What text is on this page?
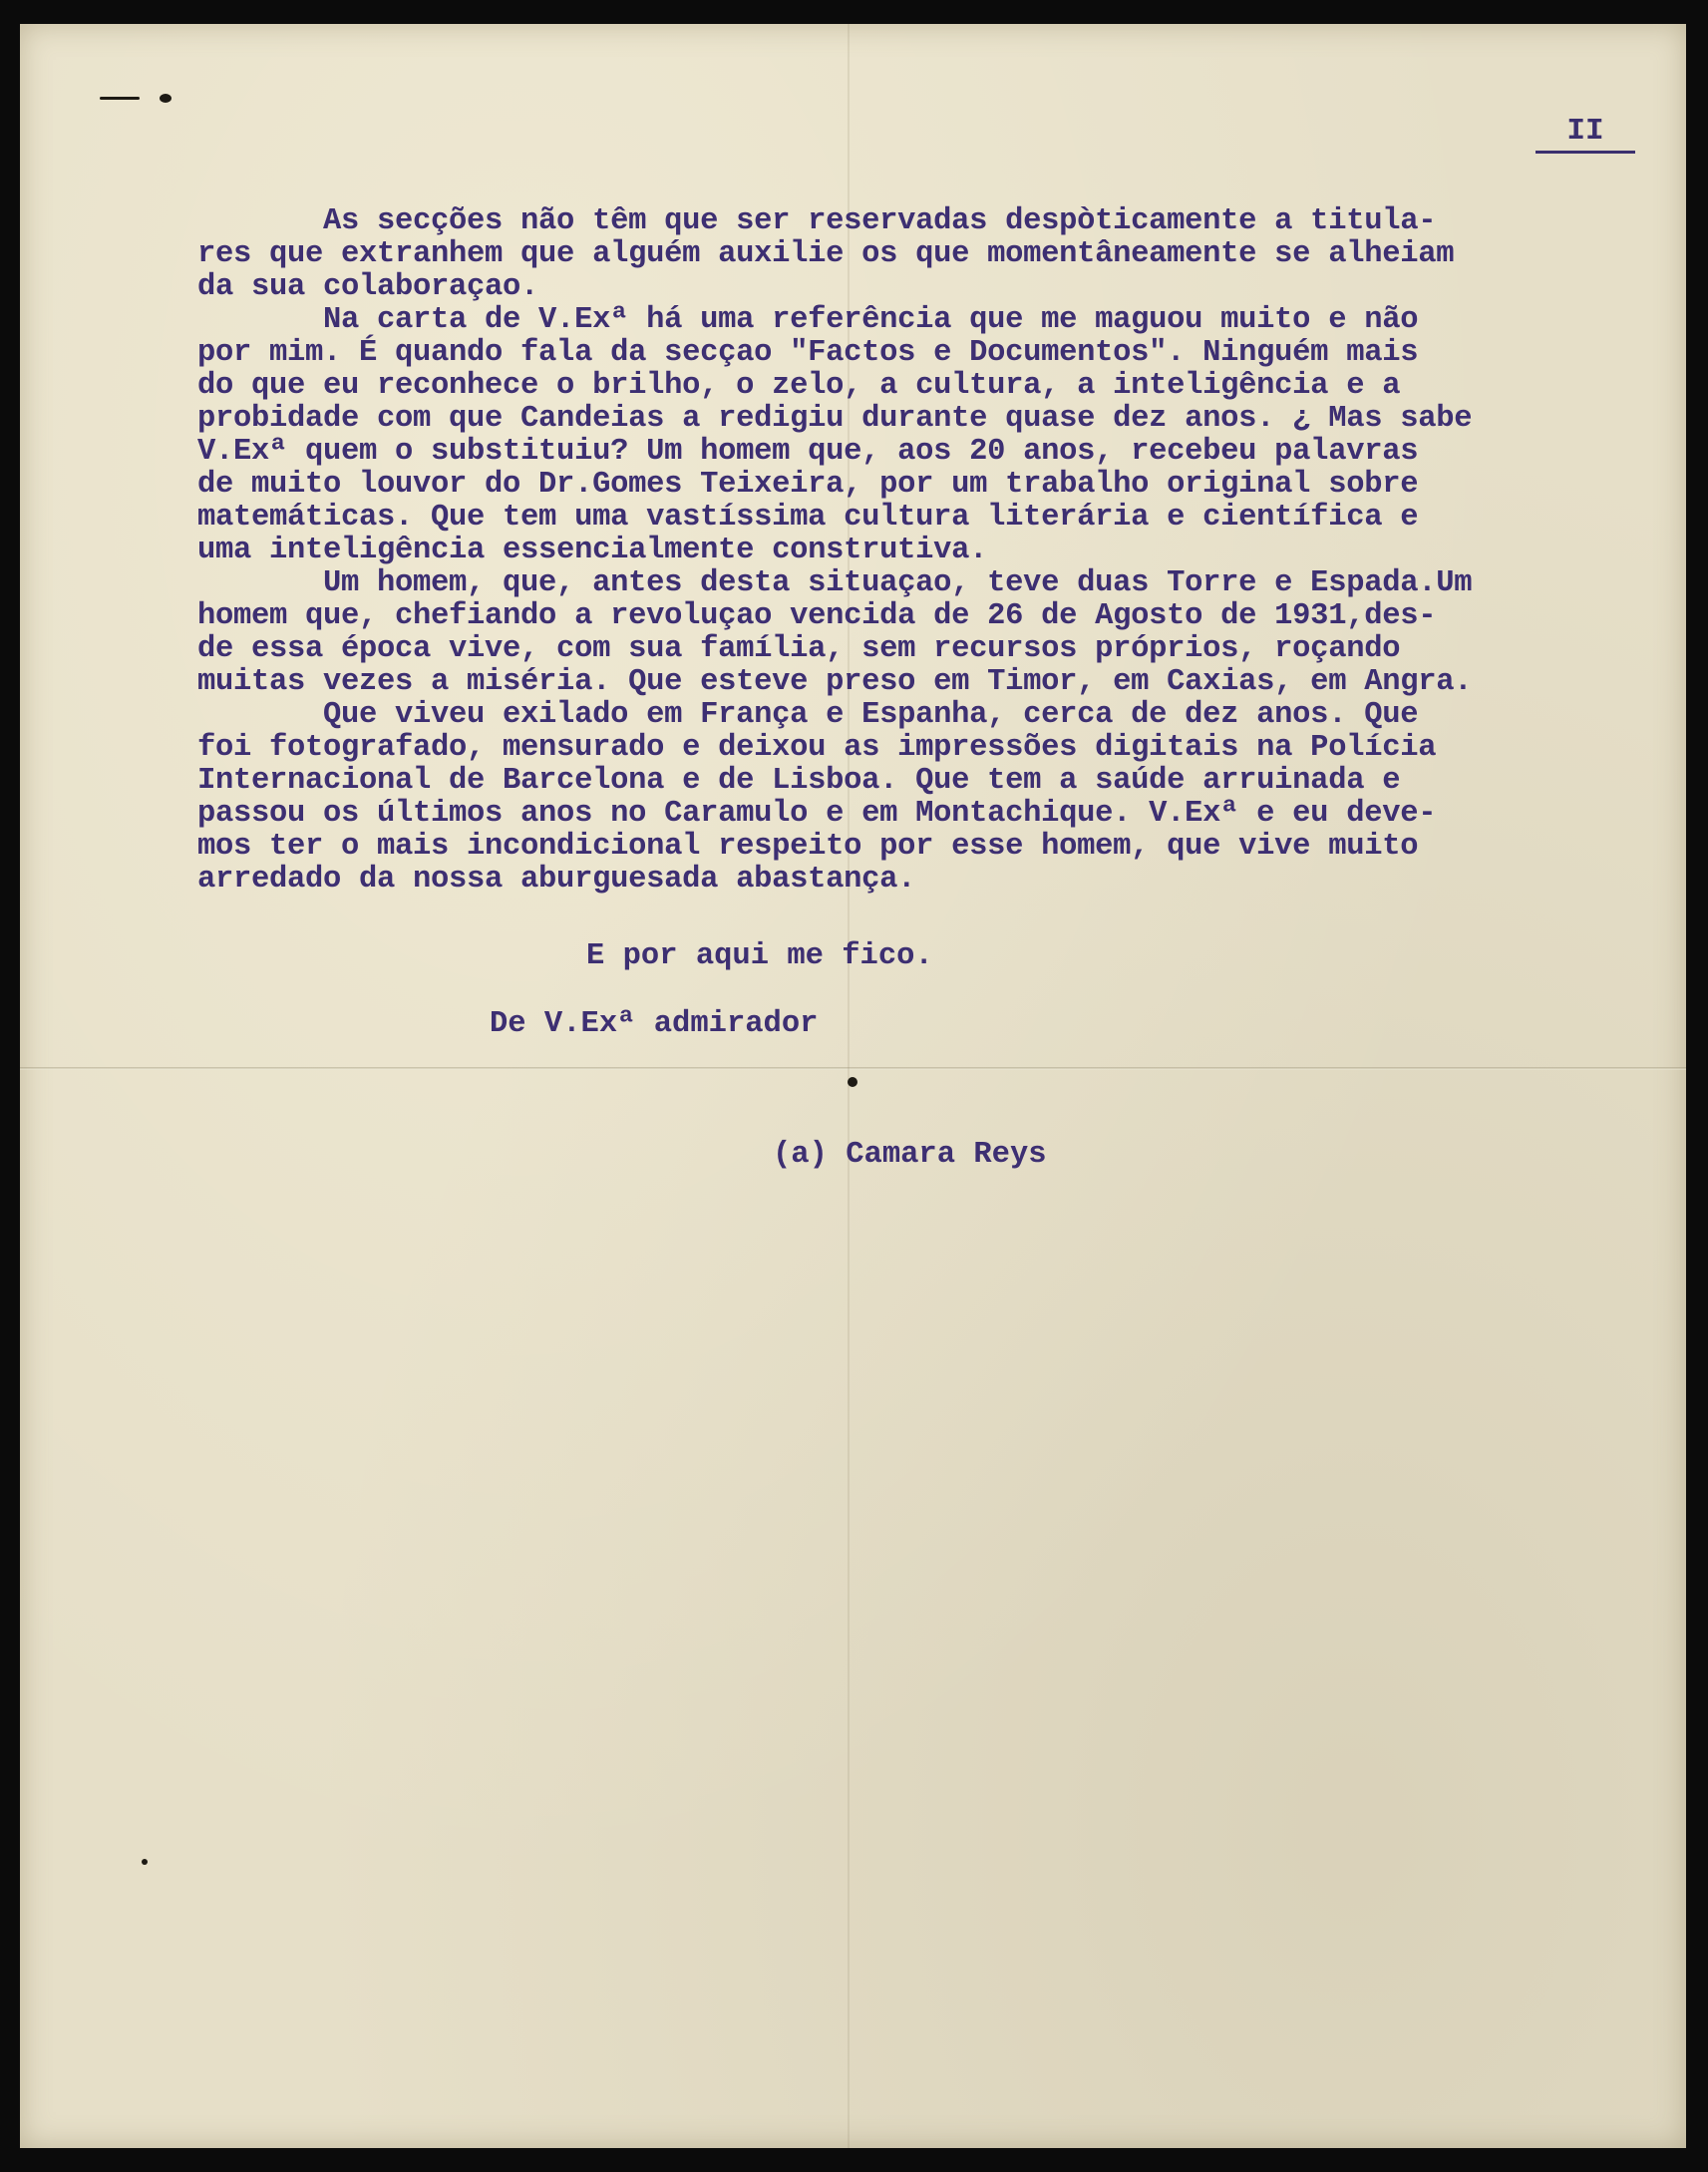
II
As secções não têm que ser reservadas despòticamente a titula-
res que extranhem que alguém auxilie os que momentâneamente se alheiam
da sua colaboraçao.
Na carta de V.Exª há uma referência que me maguou muito e não
por mim. É quando fala da secçao "Factos e Documentos". Ninguém mais
do que eu reconhece o brilho, o zelo, a cultura, a inteligência e a
probidade com que Candeias a redigiu durante quase dez anos. ¿ Mas sabe
V.Exª quem o substituiu? Um homem que, aos 20 anos, recebeu palavras
de muito louvor do Dr.Gomes Teixeira, por um trabalho original sobre
matemáticas. Que tem uma vastíssima cultura literária e científica e
uma inteligência essencialmente construtiva.
Um homem, que, antes desta situaçao, teve duas Torre e Espada.Um
homem que, chefiando a revoluçao vencida de 26 de Agosto de 1931,des-
de essa época vive, com sua família, sem recursos próprios, roçando
muitas vezes a miséria. Que esteve preso em Timor, em Caxias, em Angra.
Que viveu exilado em França e Espanha, cerca de dez anos. Que
foi fotografado, mensurado e deixou as impressões digitais na Polícia
Internacional de Barcelona e de Lisboa. Que tem a saúde arruinada e
passou os últimos anos no Caramulo e em Montachique. V.Exª e eu deve-
mos ter o mais incondicional respeito por esse homem, que vive muito
arredado da nossa aburguesada abastança.
E por aqui me fico.
De V.Exª admirador
(a) Camara Reys
